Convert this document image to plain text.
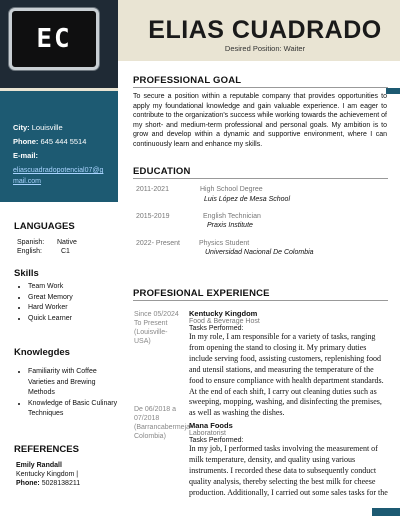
EC	ELIAS CUADRADO
Desired Position: Waiter
City: Louisville
Phone: 645 444 5514
E-mail:
eliascuadradopotencial07@gmail.com
LANGUAGES
Spanish: Native
English:	C1
Skills
• Team Work
• Great Memory
• Hard Worker
• Quick Learner
Knowlegdes
• Familiarity with Coffee Varieties and Brewing Methods
• Knowledge of Basic Culinary Techniques
REFERENCES
Emily Randall
Kentucky Kingdom |
Phone: 5028138211
PROFESSIONAL GOAL
To secure a position within a reputable company that provides opportunities to apply my foundational knowledge and gain valuable experience. I am eager to contribute to the organization's success while working towards the achievement of my short- and medium-term professional and personal goals. My ambition is to grow and develop within a dynamic and supportive environment, where I can continuously learn and enhance my skills.
EDUCATION
2011-2021	High School Degree
Luis López de Mesa School
2015-2019	English Technician
Praxis Institute
2022- Present	Physics Student
Universidad Nacional De Colombia
PROFESIONAL EXPERIENCE
Since 05/2024 To Present (Louisville-USA)
Kentucky Kingdom
Food & Beverage Host
Tasks Performed:
In my role, I am responsible for a variety of tasks, ranging from opening the stand to closing it. My primary duties include serving food, assisting customers, replenishing food and utensil stations, and measuring the temperature of the food to ensure compliance with health department standards. At the end of each shift, I carry out cleaning duties such as sweeping, mopping, washing, and disinfecting the premises, as well as washing the dishes.
De 06/2018 a 07/2018 (Barrancabermeja-Colombia)
Mana Foods
Laboratorist
Tasks Performed:
In my job, I performed tasks involving the measurement of milk temperature, density, and quality using various instruments. I recorded these data to subsequently conduct quality analysis, thereby selecting the best milk for cheese production. Additionally, I carried out some sales tasks for the
